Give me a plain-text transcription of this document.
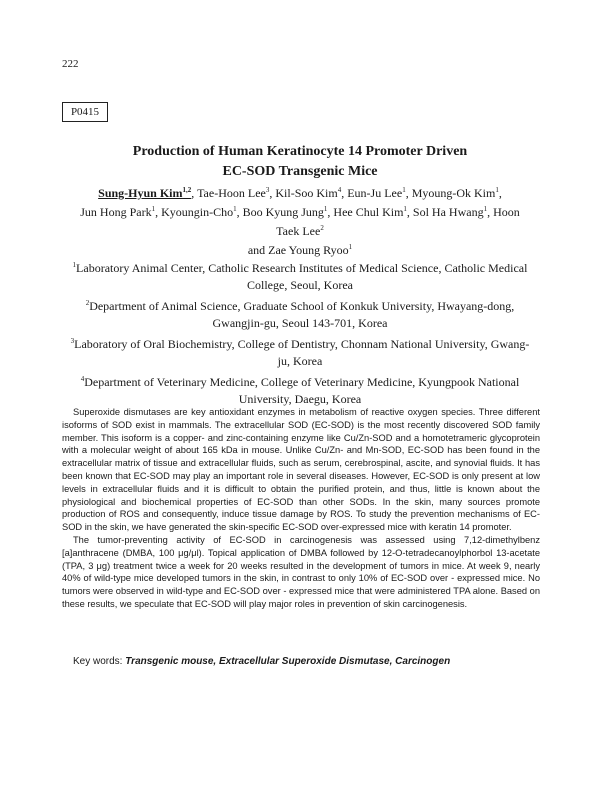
222
P0415
Production of Human Keratinocyte 14 Promoter Driven
EC-SOD Transgenic Mice
Sung-Hyun Kim$^{1,2}$, Tae-Hoon Lee$^3$, Kil-Soo Kim$^4$, Eun-Ju Lee$^1$, Myoung-Ok Kim$^1$,
Jun Hong Park$^1$, Kyoungin-Cho$^1$, Boo Kyung Jung$^1$, Hee Chul Kim$^1$, Sol Ha Hwang$^1$, Hoon
Taek Lee$^2$
and Zae Young Ryoo$^1$
$^1$Laboratory Animal Center, Catholic Research Institutes of Medical Science, Catholic Medical College, Seoul, Korea
$^2$Department of Animal Science, Graduate School of Konkuk University, Hwayang-dong, Gwangjin-gu, Seoul 143-701, Korea
$^3$Laboratory of Oral Biochemistry, College of Dentistry, Chonnam National University, Gwang-ju, Korea
$^4$Department of Veterinary Medicine, College of Veterinary Medicine, Kyungpook National University, Daegu, Korea

Superoxide dismutases are key antioxidant enzymes in metabolism of reactive oxygen species. Three different isoforms of SOD exist in mammals. The extracellular SOD (EC-SOD) is the most recently discovered SOD family member. This isoform is a copper- and zinc-containing enzyme like Cu/Zn-SOD and a homotetrameric glycoprotein with a molecular weight of about 165 kDa in mouse. Unlike Cu/Zn- and Mn-SOD, EC-SOD has been found in the extracellular matrix of tissue and extracellular fluids, such as serum, cerebrospinal, ascite, and synovial fluids. It has been known that EC-SOD may play an important role in several diseases. However, EC-SOD is only present at low levels in extracellular fluids and it is difficult to obtain the purified protein, and thus, little is known about the physiological and biochemical properties of EC-SOD than other SODs. In the skin, many sources promote production of ROS and consequently, induce tissue damage by ROS. To study the prevention mechanisms of EC-SOD in the skin, we have generated the skin-specific EC-SOD over-expressed mice with keratin 14 promoter.

The tumor-preventing activity of EC-SOD in carcinogenesis was assessed using 7,12-dimethylbenz [a]anthracene (DMBA, 100 μg/μl). Topical application of DMBA followed by 12-O-tetradecanoylphorbol 13-acetate (TPA, 3 μg) treatment twice a week for 20 weeks resulted in the development of tumors in mice. At week 9, nearly 40% of wild-type mice developed tumors in the skin, in contrast to only 10% of EC-SOD over - expressed mice. No tumors were observed in wild-type and EC-SOD over - expressed mice that were administered TPA alone. Based on these results, we speculate that EC-SOD will play major roles in prevention of skin carcinogenesis.

Key words: Transgenic mouse, Extracellular Superoxide Dismutase, Carcinogen
